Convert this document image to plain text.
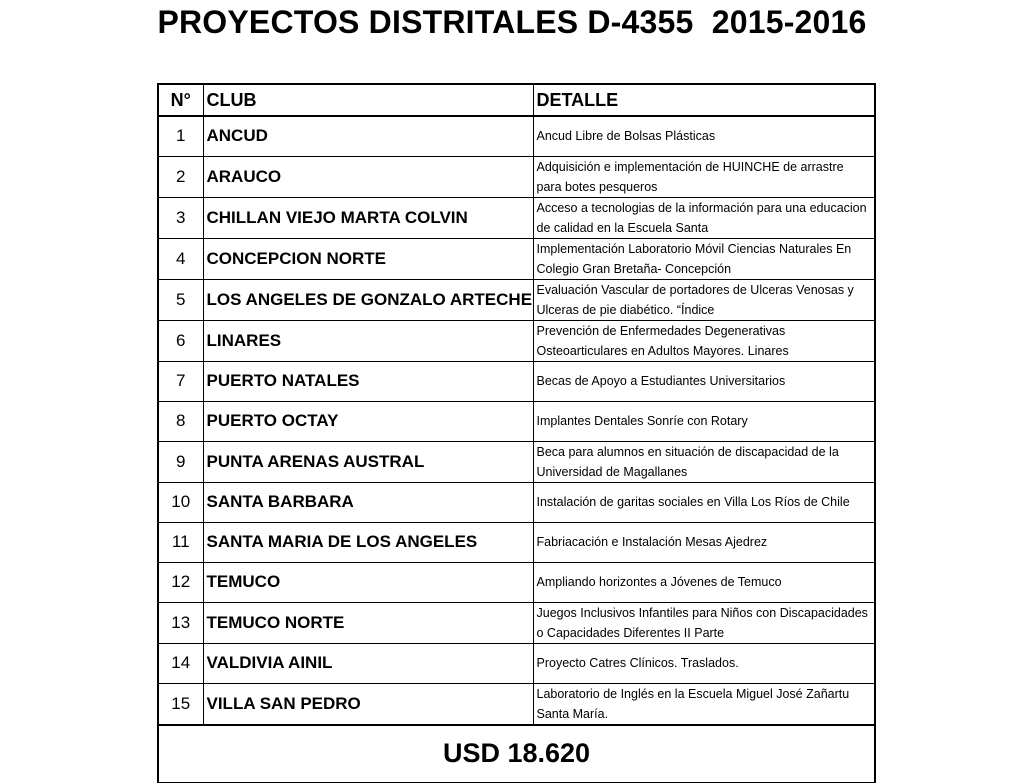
PROYECTOS DISTRITALES D-4355  2015-2016
N°	CLUB	DETALLE
1	ANCUD	Ancud Libre de Bolsas Plásticas
2	ARAUCO	Adquisición e implementación de HUINCHE de arrastre para botes pesqueros
3	CHILLAN VIEJO MARTA COLVIN	Acceso a tecnologias de la información para una educacion de calidad en la Escuela Santa
4	CONCEPCION NORTE	Implementación Laboratorio Móvil Ciencias Naturales En Colegio Gran Bretaña- Concepción
5	LOS ANGELES DE GONZALO ARTECHE	Evaluación Vascular de portadores de Ulceras Venosas y Ulceras de pie diabético. “Índice
6	LINARES	Prevención de Enfermedades Degenerativas Osteoarticulares en Adultos Mayores. Linares
7	PUERTO NATALES	Becas de Apoyo a Estudiantes Universitarios
8	PUERTO OCTAY	Implantes Dentales Sonríe con Rotary
9	PUNTA ARENAS AUSTRAL	Beca para alumnos en situación de discapacidad de la Universidad de Magallanes
10	SANTA BARBARA	Instalación de garitas sociales en Villa Los Ríos de Chile
11	SANTA MARIA DE LOS ANGELES	Fabriacación e Instalación Mesas Ajedrez
12	TEMUCO	Ampliando horizontes a Jóvenes de Temuco
13	TEMUCO NORTE	Juegos Inclusivos Infantiles para Niños con Discapacidades o Capacidades Diferentes II Parte
14	VALDIVIA AINIL	Proyecto Catres Clínicos. Traslados.
15	VILLA SAN PEDRO	Laboratorio de Inglés en la Escuela Miguel José Zañartu Santa María.
USD 18.620		
